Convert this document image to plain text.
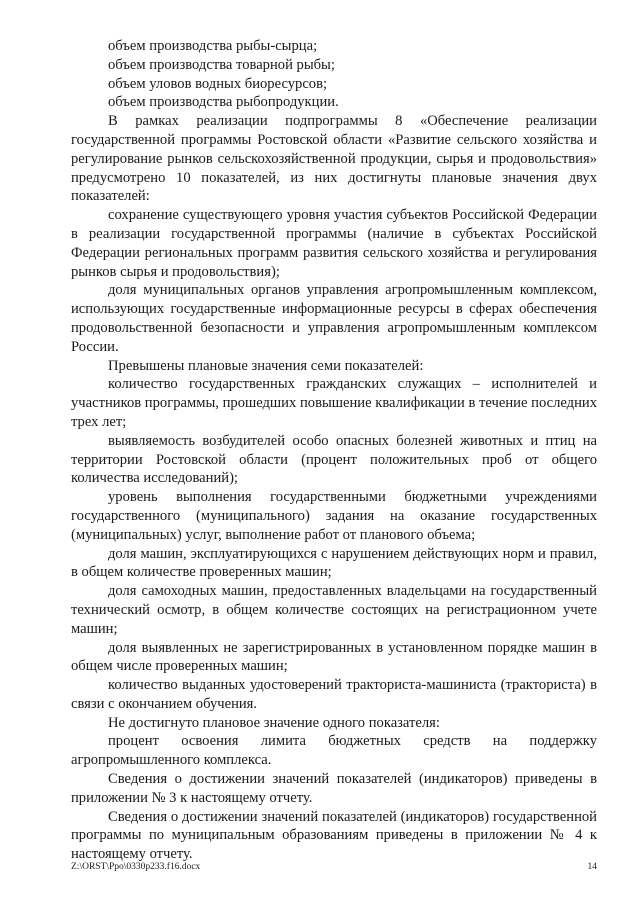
объем производства рыбы-сырца;

объем производства товарной рыбы;

объем уловов водных биоресурсов;

объем производства рыбопродукции.

В рамках реализации подпрограммы 8 «Обеспечение реализации государственной программы Ростовской области «Развитие сельского хозяйства и регулирование рынков сельскохозяйственной продукции, сырья и продовольствия» предусмотрено 10 показателей, из них достигнуты плановые значения двух показателей:

сохранение существующего уровня участия субъектов Российской Федерации в реализации государственной программы (наличие в субъектах Российской Федерации региональных программ развития сельского хозяйства и регулирования рынков сырья и продовольствия);

доля муниципальных органов управления агропромышленным комплексом, использующих государственные информационные ресурсы в сферах обеспечения продовольственной безопасности и управления агропромышленным комплексом России.

Превышены плановые значения семи показателей:

количество государственных гражданских служащих – исполнителей и участников программы, прошедших повышение квалификации в течение последних трех лет;

выявляемость возбудителей особо опасных болезней животных и птиц на территории Ростовской области (процент положительных проб от общего количества исследований);

уровень выполнения государственными бюджетными учреждениями государственного (муниципального) задания на оказание государственных (муниципальных) услуг, выполнение работ от планового объема;

доля машин, эксплуатирующихся с нарушением действующих норм и правил, в общем количестве проверенных машин;

доля самоходных машин, предоставленных владельцами на государственный технический осмотр, в общем количестве состоящих на регистрационном учете машин;

доля выявленных не зарегистрированных в установленном порядке машин в общем числе проверенных машин;

количество выданных удостоверений тракториста-машиниста (тракториста) в связи с окончанием обучения.

Не достигнуто плановое значение одного показателя:

процент освоения лимита бюджетных средств на поддержку агропромышленного комплекса.

Сведения о достижении значений показателей (индикаторов) приведены в приложении № 3 к настоящему отчету.

Сведения о достижении значений показателей (индикаторов) государственной программы по муниципальным образованиям приведены в приложении № 4 к настоящему отчету.

Z:\ORST\Ppo\0330p233.f16.docx	14
